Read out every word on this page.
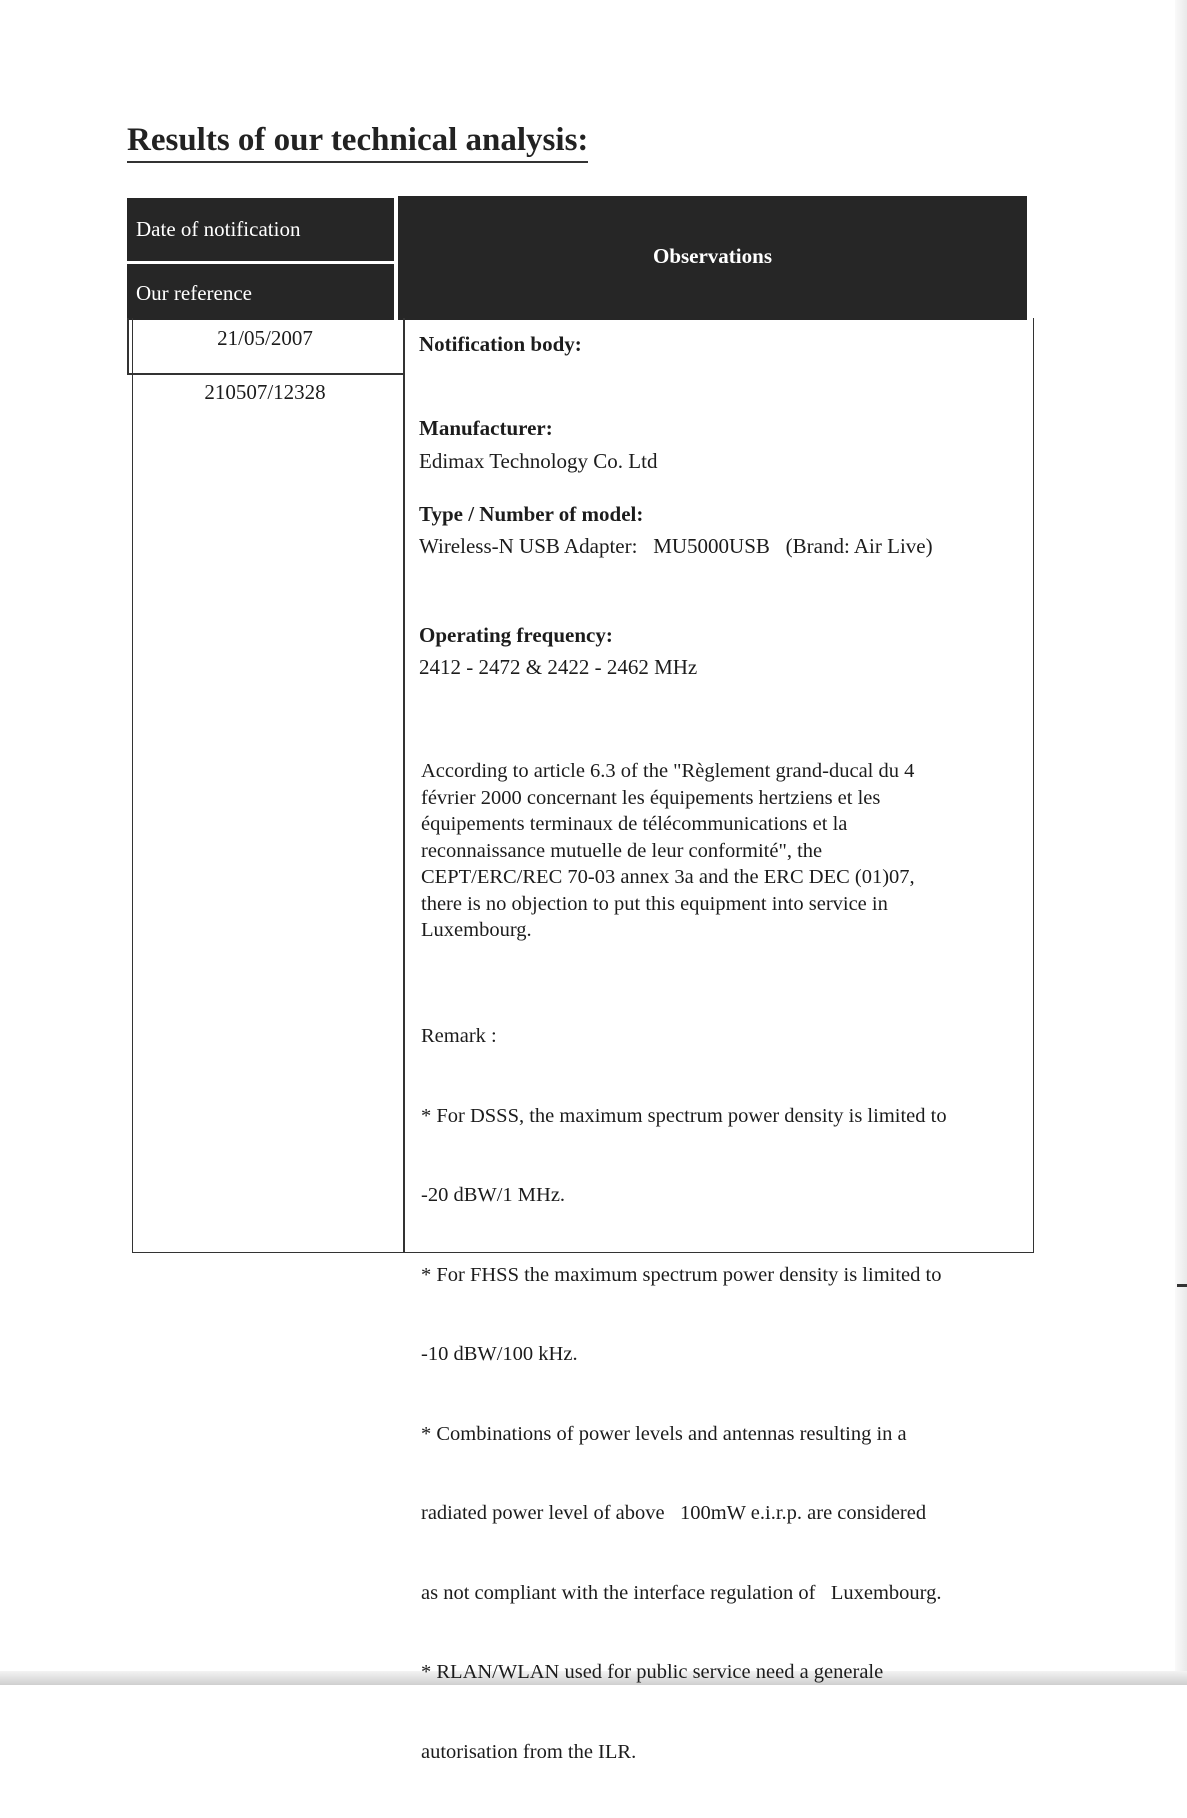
Results of our technical analysis:
Date of notification
Our reference
Observations
21/05/2007
210507/12328
Notification body:
Manufacturer:
Edimax Technology Co. Ltd
Type / Number of model:
Wireless-N USB Adapter:   MU5000USB   (Brand: Air Live)
Operating frequency:
2412 - 2472 & 2422 - 2462 MHz
According to article 6.3 of the "Règlement grand-ducal du 4
février 2000 concernant les équipements hertziens et les
équipements terminaux de télécommunications et la
reconnaissance mutuelle de leur conformité", the
CEPT/ERC/REC 70-03 annex 3a and the ERC DEC (01)07,
there is no objection to put this equipment into service in
Luxembourg.

Remark :

* For DSSS, the maximum spectrum power density is limited to

-20 dBW/1 MHz.

* For FHSS the maximum spectrum power density is limited to

-10 dBW/100 kHz.

* Combinations of power levels and antennas resulting in a

radiated power level of above   100mW e.i.r.p. are considered

as not compliant with the interface regulation of   Luxembourg.

* RLAN/WLAN used for public service need a generale

autorisation from the ILR.
